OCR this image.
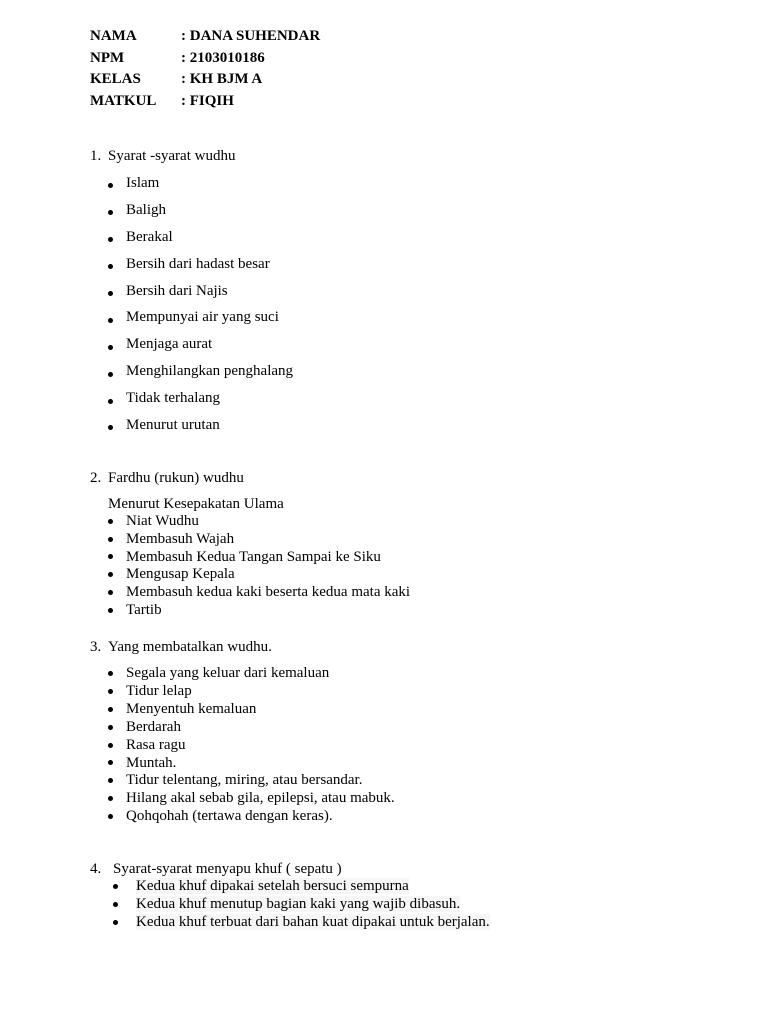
NAMA	: DANA SUHENDAR
NPM	: 2103010186
KELAS	: KH BJM A
MATKUL	: FIQIH
1. Syarat -syarat wudhu
Islam
Baligh
Berakal
Bersih dari hadast besar
Bersih dari Najis
Mempunyai air yang suci
Menjaga aurat
Menghilangkan penghalang
Tidak terhalang
Menurut urutan
2. Fardhu (rukun) wudhu
Menurut Kesepakatan Ulama
Niat Wudhu
Membasuh Wajah
Membasuh Kedua Tangan Sampai ke Siku
Mengusap Kepala
Membasuh kedua kaki beserta kedua mata kaki
Tartib
3. Yang membatalkan wudhu.
Segala yang keluar dari kemaluan
Tidur lelap
Menyentuh kemaluan
Berdarah
Rasa ragu
Muntah.
Tidur telentang, miring, atau bersandar.
Hilang akal sebab gila, epilepsi, atau mabuk.
Qohqohah (tertawa dengan keras).
4. Syarat-syarat menyapu khuf ( sepatu )
Kedua khuf dipakai setelah bersuci sempurna
Kedua khuf menutup bagian kaki yang wajib dibasuh.
Kedua khuf terbuat dari bahan kuat dipakai untuk berjalan.
